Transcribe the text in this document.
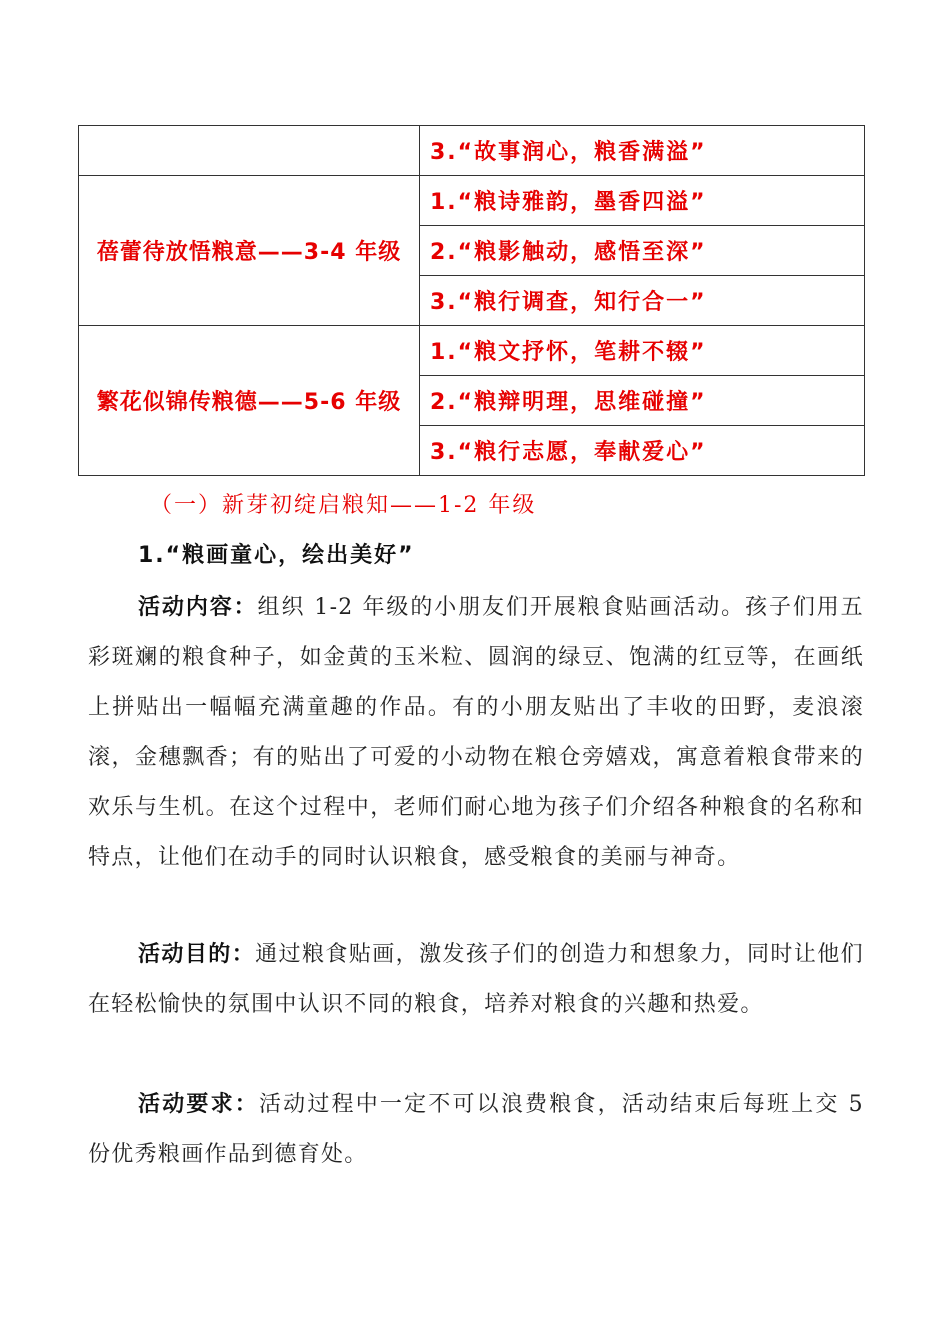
	3.“故事润心，粮香满溢”
蓓蕾待放悟粮意——3-4 年级	1.“粮诗雅韵，墨香四溢”
	2.“粮影触动，感悟至深”
	3.“粮行调查，知行合一”
繁花似锦传粮德——5-6 年级	1.“粮文抒怀，笔耕不辍”
	2.“粮辩明理，思维碰撞”
	3.“粮行志愿，奉献爱心”
（一）新芽初绽启粮知——1-2 年级
1.“粮画童心，绘出美好”

活动内容：组织 1-2 年级的小朋友们开展粮食贴画活动。孩子们用五彩斑斓的粮食种子，如金黄的玉米粒、圆润的绿豆、饱满的红豆等，在画纸上拼贴出一幅幅充满童趣的作品。有的小朋友贴出了丰收的田野，麦浪滚滚，金穗飘香；有的贴出了可爱的小动物在粮仓旁嬉戏，寓意着粮食带来的欢乐与生机。在这个过程中，老师们耐心地为孩子们介绍各种粮食的名称和特点，让他们在动手的同时认识粮食，感受粮食的美丽与神奇。

活动目的：通过粮食贴画，激发孩子们的创造力和想象力，同时让他们在轻松愉快的氛围中认识不同的粮食，培养对粮食的兴趣和热爱。

活动要求：活动过程中一定不可以浪费粮食，活动结束后每班上交 5 份优秀粮画作品到德育处。
